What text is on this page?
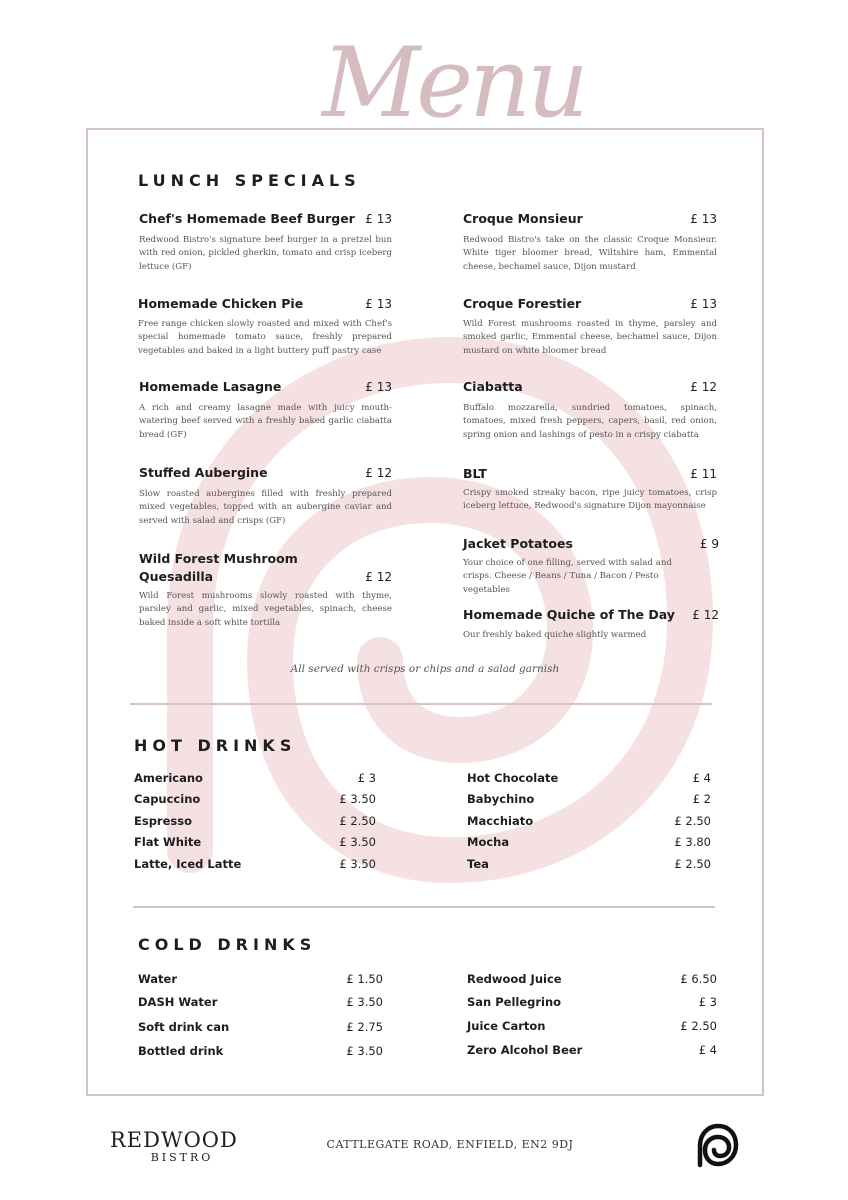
Menu
LUNCH SPECIALS
Chef's Homemade Beef Burger £ 13
Redwood Bistro's signature beef burger in a pretzel bun with red onion, pickled gherkin, tomato and crisp iceberg lettuce (GF)
Homemade Chicken Pie	£ 13
Free range chicken slowly roasted and mixed with Chef's special homemade tomato sauce, freshly prepared vegetables and baked in a light buttery puff pastry case
Homemade Lasagne	£ 13
A rich and creamy lasagne made with juicy mouth-watering beef served with a freshly baked garlic ciabatta bread (GF)
Stuffed Aubergine	£ 12
Slow roasted aubergines filled with freshly prepared mixed vegetables, topped with an aubergine caviar and served with salad and crisps (GF)
Wild Forest Mushroom
Quesadilla	£ 12
Wild Forest mushrooms slowly roasted with thyme, parsley and garlic, mixed vegetables, spinach, cheese baked inside a soft white tortilla
Croque Monsieur	£ 13
Redwood Bistro's take on the classic Croque Monsieur. White tiger bloomer bread, Wiltshire ham, Emmental cheese, bechamel sauce, Dijon mustard
Croque Forestier	£ 13
Wild Forest mushrooms roasted in thyme, parsley and smoked garlic, Emmental cheese, bechamel sauce, Dijon mustard on white bloomer bread
Ciabatta	£ 12
Buffalo mozzarella, sundried tomatoes, spinach, tomatoes, mixed fresh peppers, capers, basil, red onion, spring onion and lashings of pesto in a crispy ciabatta
BLT	£ 11
Crispy smoked streaky bacon, ripe juicy tomatoes, crisp iceberg lettuce, Redwood's signature Dijon mayonnaise
Jacket Potatoes	£ 9
Your choice of one filling, served with salad and crisps. Cheese / Beans / Tuna / Bacon / Pesto vegetables
Homemade Quiche of The Day £ 12
Our freshly baked quiche slightly warmed
All served with crisps or chips and a salad garnish
HOT DRINKS
Americano	£ 3
Capuccino	£ 3.50
Espresso	£ 2.50
Flat White	£ 3.50
Latte, Iced Latte	£ 3.50
Hot Chocolate	£ 4
Babychino	£ 2
Macchiato	£ 2.50
Mocha	£ 3.80
Tea	£ 2.50
COLD DRINKS
Water	£ 1.50
DASH Water	£ 3.50
Soft drink can	£ 2.75
Bottled drink	£ 3.50
Redwood Juice	£ 6.50
San Pellegrino	£ 3
Juice Carton	£ 2.50
Zero Alcohol Beer	£ 4
REDWOOD
BISTRO
CATTLEGATE ROAD, ENFIELD, EN2 9DJ
